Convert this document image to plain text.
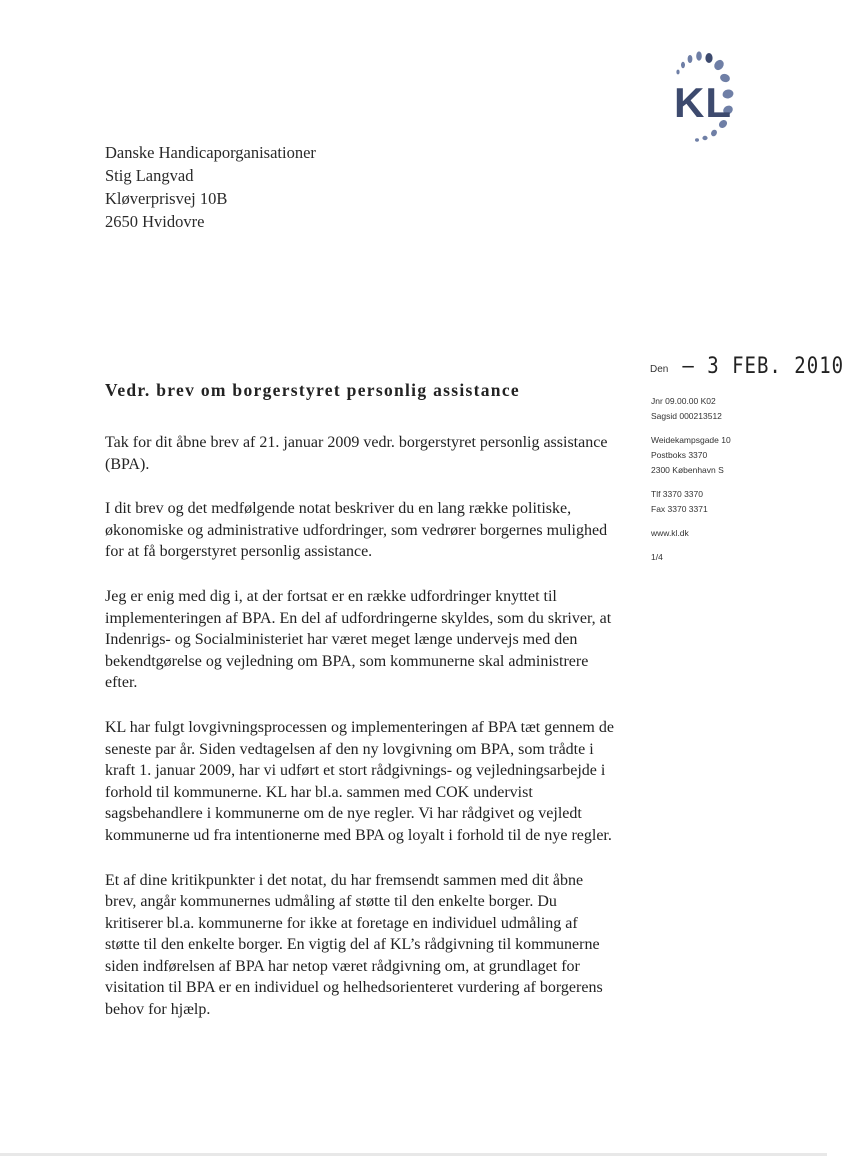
KL
Danske Handicaporganisationer
Stig Langvad
Kløverprisvej 10B
2650 Hvidovre
Den – 3 FEB. 2010
Vedr. brev om borgerstyret personlig assistance
Jnr 09.00.00 K02
Sagsid 000213512
Weidekampsgade 10
Postboks 3370
2300 København S
Tlf 3370 3370
Fax 3370 3371
www.kl.dk
1/4

Tak for dit åbne brev af 21. januar 2009 vedr. borgerstyret personlig assistance (BPA).

I dit brev og det medfølgende notat beskriver du en lang række politiske, økonomiske og administrative udfordringer, som vedrører borgernes mulighed for at få borgerstyret personlig assistance.

Jeg er enig med dig i, at der fortsat er en række udfordringer knyttet til implementeringen af BPA. En del af udfordringerne skyldes, som du skriver, at Indenrigs- og Socialministeriet har været meget længe undervejs med den bekendtgørelse og vejledning om BPA, som kommunerne skal administrere efter.

KL har fulgt lovgivningsprocessen og implementeringen af BPA tæt gennem de seneste par år. Siden vedtagelsen af den ny lovgivning om BPA, som trådte i kraft 1. januar 2009, har vi udført et stort rådgivnings- og vejledningsarbejde i forhold til kommunerne. KL har bl.a. sammen med COK undervist sagsbehandlere i kommunerne om de nye regler. Vi har rådgivet og vejledt kommunerne ud fra intentionerne med BPA og loyalt i forhold til de nye regler.

Et af dine kritikpunkter i det notat, du har fremsendt sammen med dit åbne brev, angår kommunernes udmåling af støtte til den enkelte borger. Du kritiserer bl.a. kommunerne for ikke at foretage en individuel udmåling af støtte til den enkelte borger. En vigtig del af KL’s rådgivning til kommunerne siden indførelsen af BPA har netop været rådgivning om, at grundlaget for visitation til BPA er en individuel og helhedsorienteret vurdering af borgerens behov for hjælp.
